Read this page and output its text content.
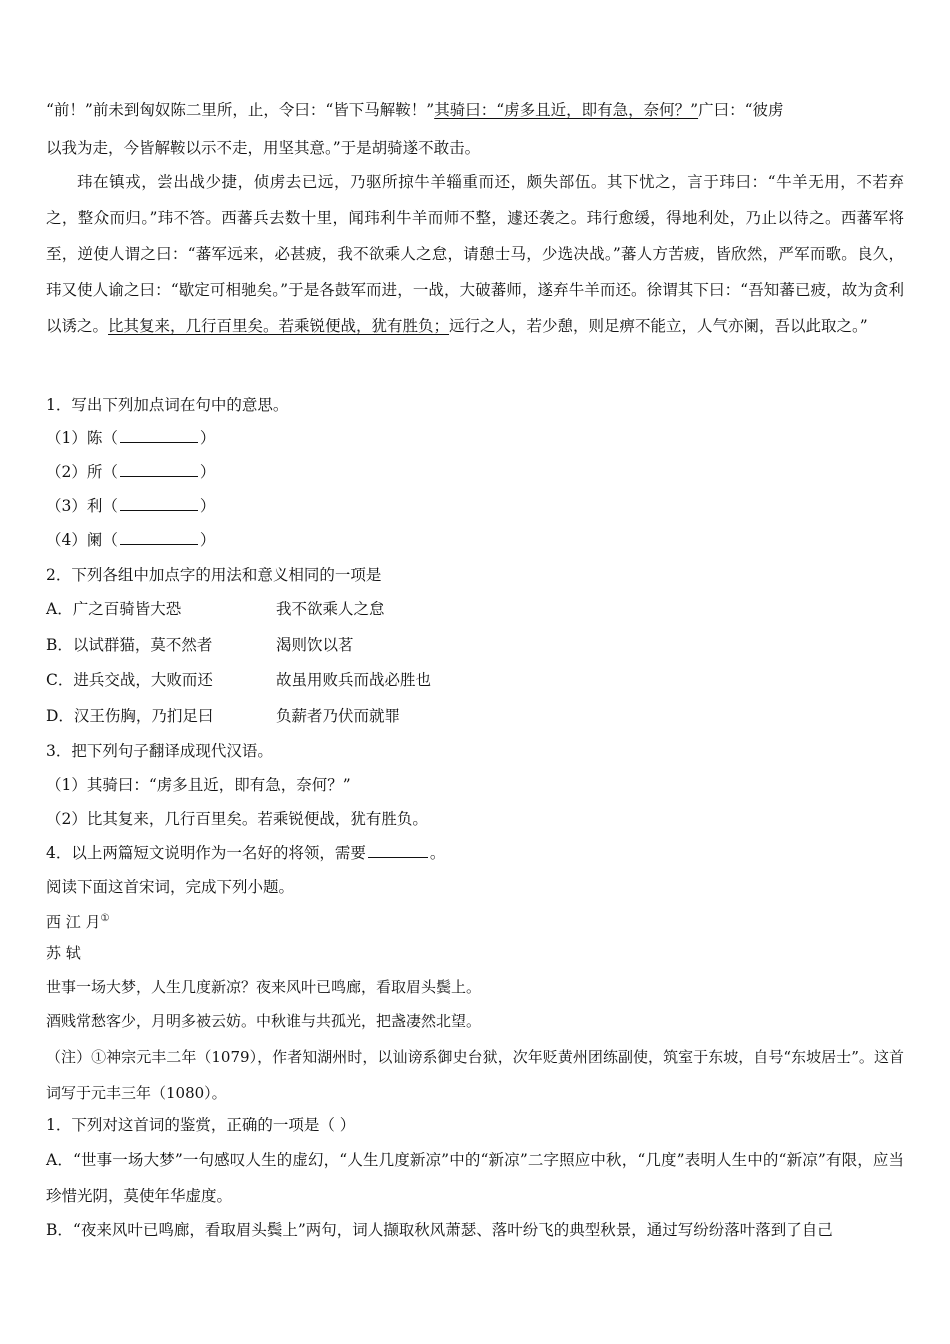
“前！”前未到匈奴陈二里所，止，令曰：“皆下马解鞍！”其骑曰：“虏多且近，即有急，奈何？”广曰：“彼虏

以我为走，今皆解鞍以示不走，用坚其意。”于是胡骑遂不敢击。

玮在镇戎，尝出战少捷，侦虏去已远，乃驱所掠牛羊辎重而还，颇失部伍。其下忧之，言于玮曰：“牛羊无用，不若弃之，整众而归。”玮不答。西蕃兵去数十里，闻玮利牛羊而师不整，遽还袭之。玮行愈缓，得地利处，乃止以待之。西蕃军将至，逆使人谓之曰：“蕃军远来，必甚疲，我不欲乘人之怠，请憩士马，少选决战。”蕃人方苦疲，皆欣然，严军而歌。良久，玮又使人谕之曰：“歇定可相驰矣。”于是各鼓军而进，一战，大破蕃师，遂弃牛羊而还。徐谓其下曰：“吾知蕃已疲，故为贪利以诱之。比其复来，几行百里矣。若乘锐便战，犹有胜负；远行之人，若少憩，则足痹不能立，人气亦阑，吾以此取之。”

1．写出下列加点词在句中的意思。

（1）陈（	）

（2）所（	）

（3）利（	）

（4）阑（	）

2．下列各组中加点字的用法和意义相同的一项是

A．广之百骑皆大恐	我不欲乘人之怠

B．以试群猫，莫不然者	渴则饮以茗

C．进兵交战，大败而还	故虽用败兵而战必胜也

D．汉王伤胸，乃扪足曰	负薪者乃伏而就罪

3．把下列句子翻译成现代汉语。

（1）其骑曰：“虏多且近，即有急，奈何？”

（2）比其复来，几行百里矣。若乘锐便战，犹有胜负。

4．以上两篇短文说明作为一名好的将领，需要	。

阅读下面这首宋词，完成下列小题。

西 江 月①

苏 轼

世事一场大梦，人生几度新凉？夜来风叶已鸣廊，看取眉头鬓上。

酒贱常愁客少，月明多被云妨。中秋谁与共孤光，把盏凄然北望。

（注）①神宗元丰二年（1079），作者知湖州时，以讪谤系御史台狱，次年贬黄州团练副使，筑室于东坡，自号“东坡居士”。这首词写于元丰三年（1080）。

1．下列对这首词的鉴赏，正确的一项是（ ）

A．“世事一场大梦”一句感叹人生的虚幻，“人生几度新凉”中的“新凉”二字照应中秋，“几度”表明人生中的“新凉”有限，应当珍惜光阴，莫使年华虚度。

B．“夜来风叶已鸣廊，看取眉头鬓上”两句，词人撷取秋风萧瑟、落叶纷飞的典型秋景，通过写纷纷落叶落到了自己
